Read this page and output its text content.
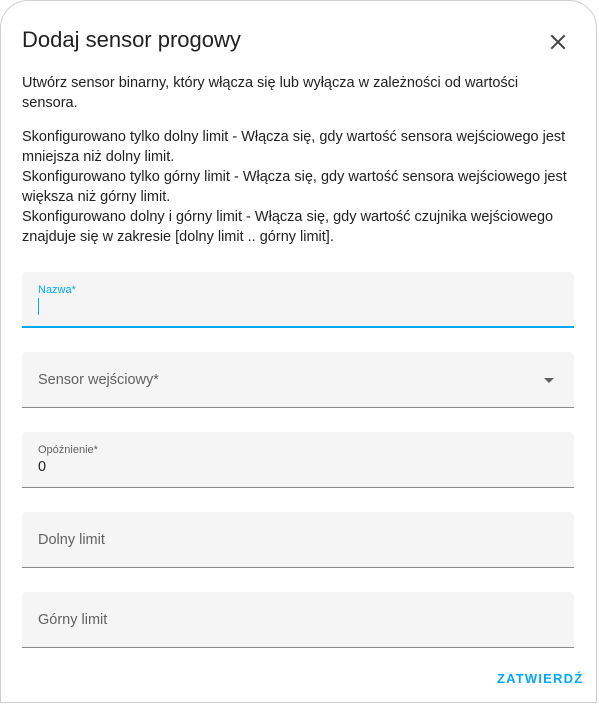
Dodaj sensor progowy
Utwórz sensor binarny, który włącza się lub wyłącza w zależności od wartości sensora.

Skonfigurowano tylko dolny limit - Włącza się, gdy wartość sensora wejściowego jest mniejsza niż dolny limit.

Skonfigurowano tylko górny limit - Włącza się, gdy wartość sensora wejściowego jest większa niż górny limit.

Skonfigurowano dolny i górny limit - Włącza się, gdy wartość czujnika wejściowego znajduje się w zakresie [dolny limit .. górny limit].

Nazwa*
Sensor wejściowy*
Opóźnienie*
0
Dolny limit
Górny limit
ZATWIERDŹ
